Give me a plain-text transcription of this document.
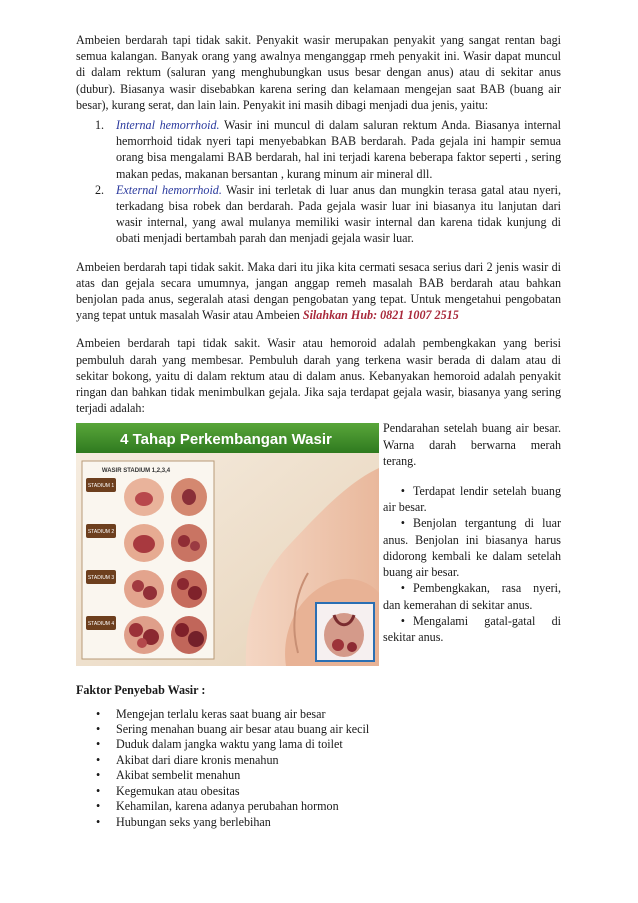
Ambeien berdarah tapi tidak sakit. Penyakit wasir merupakan penyakit yang sangat rentan bagi semua kalangan. Banyak orang yang awalnya menganggap rmeh penyakit ini. Wasir dapat muncul di dalam rektum (saluran yang menghubungkan usus besar dengan anus) atau di sekitar anus (dubur). Biasanya wasir disebabkan karena sering dan kelamaan mengejan saat BAB (buang air besar), kurang serat, dan lain lain. Penyakit ini masih dibagi menjadi dua jenis, yaitu:

1. Internal hemorrhoid. Wasir ini muncul di dalam saluran rektum Anda. Biasanya internal hemorrhoid tidak nyeri tapi menyebabkan BAB berdarah. Pada gejala ini hampir semua orang bisa mengalami BAB berdarah, hal ini terjadi karena beberapa faktor seperti , sering makan pedas, makanan bersantan , kurang minum air mineral dll.
2. External hemorrhoid. Wasir ini terletak di luar anus dan mungkin terasa gatal atau nyeri, terkadang bisa robek dan berdarah. Pada gejala wasir luar ini biasanya itu lanjutan dari wasir internal, yang awal mulanya memiliki wasir internal dan karena tidak kunjung di obati menjadi bertambah parah dan menjadi gejala wasir luar.

Ambeien berdarah tapi tidak sakit. Maka dari itu jika kita cermati sesaca serius dari 2 jenis wasir di atas dan gejala secara umumnya, jangan anggap remeh masalah BAB berdarah atau bahkan benjolan pada anus, segeralah atasi dengan pengobatan yang tepat. Untuk mengetahui pengobatan yang tepat untuk masalah Wasir atau Ambeien Silahkan Hub: 0821 1007 2515

Ambeien berdarah tapi tidak sakit. Wasir atau hemoroid adalah pembengkakan yang berisi pembuluh darah yang membesar. Pembuluh darah yang terkena wasir berada di dalam atau di sekitar bokong, yaitu di dalam rektum atau di dalam anus. Kebanyakan hemoroid adalah penyakit ringan dan bahkan tidak menimbulkan gejala. Jika saja terdapat gejala wasir, biasanya yang sering terjadi adalah:

4 Tahap Perkembangan Wasir
WASIR STADIUM 1,2,3,4
STADIUM 1
STADIUM 2
STADIUM 3
STADIUM 4

Pendarahan setelah buang air besar. Warna darah berwarna merah terang.

• Terdapat lendir setelah buang air besar.

• Benjolan tergantung di luar anus. Benjolan ini biasanya harus didorong kembali ke dalam setelah buang air besar.

• Pembengkakan, rasa nyeri, dan kemerahan di sekitar anus.

• Mengalami gatal-gatal di sekitar anus.

Faktor Penyebab Wasir :

• Mengejan terlalu keras saat buang air besar
• Sering menahan buang air besar atau buang air kecil
• Duduk dalam jangka waktu yang lama di toilet
• Akibat dari diare kronis menahun
• Akibat sembelit menahun
• Kegemukan atau obesitas
• Kehamilan, karena adanya perubahan hormon
• Hubungan seks yang berlebihan
